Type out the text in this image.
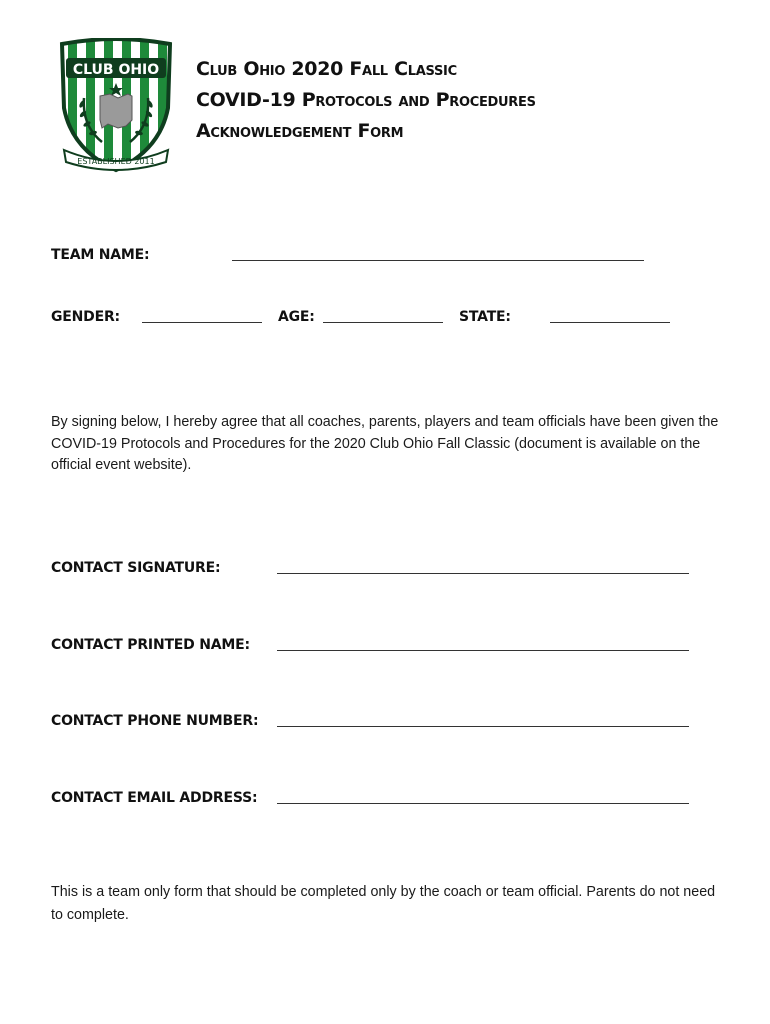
CLUB OHIO
ESTABLISHED 2011
Club Ohio 2020 Fall Classic
COVID-19 Protocols and Procedures
Acknowledgement Form
TEAM NAME:
GENDER:	AGE:	STATE:
By signing below, I hereby agree that all coaches, parents, players and team officials have been given the COVID-19 Protocols and Procedures for the 2020 Club Ohio Fall Classic (document is available on the official event website).
CONTACT SIGNATURE:
CONTACT PRINTED NAME:
CONTACT PHONE NUMBER:
CONTACT EMAIL ADDRESS:
This is a team only form that should be completed only by the coach or team official. Parents do not need to complete.
